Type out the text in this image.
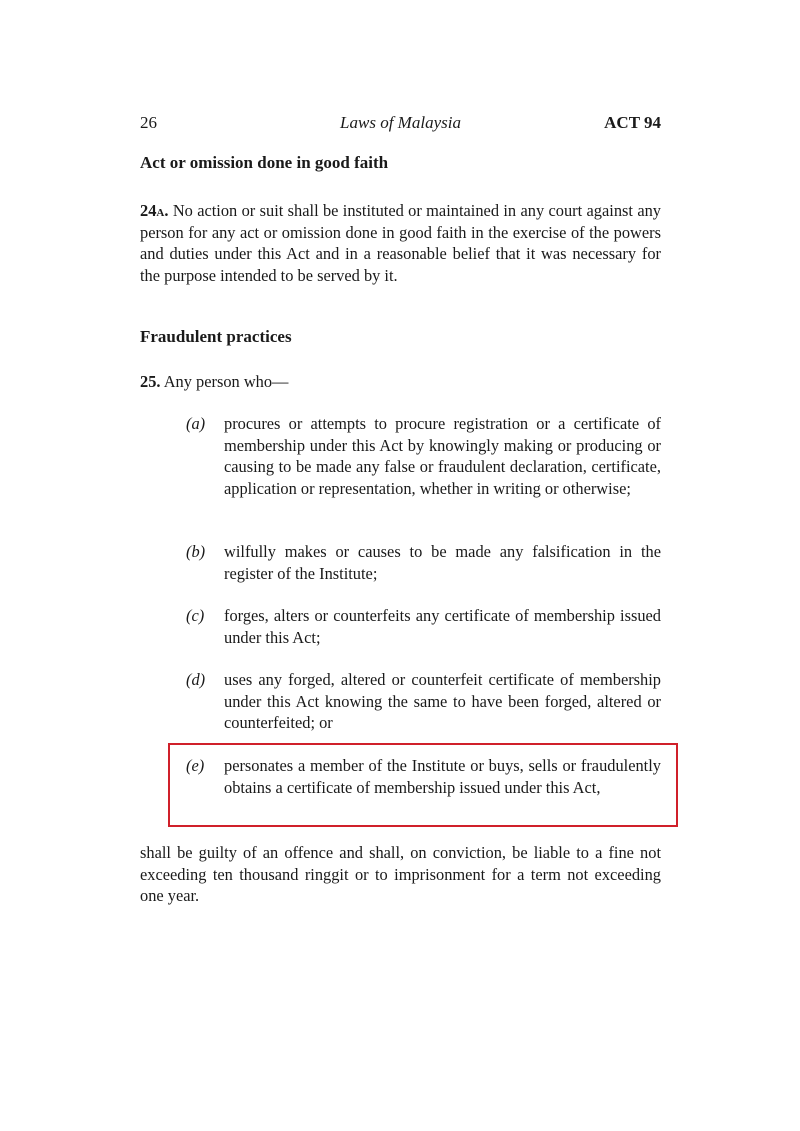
26	Laws of Malaysia	ACT 94
Act or omission done in good faith

24a. No action or suit shall be instituted or maintained in any court against any person for any act or omission done in good faith in the exercise of the powers and duties under this Act and in a reasonable belief that it was necessary for the purpose intended to be served by it.

Fraudulent practices

25. Any person who—

(a)	procures or attempts to procure registration or a certificate of membership under this Act by knowingly making or producing or causing to be made any false or fraudulent declaration, certificate, application or representation, whether in writing or otherwise;
(b)	wilfully makes or causes to be made any falsification in the register of the Institute;
(c)	forges, alters or counterfeits any certificate of membership issued under this Act;
(d)	uses any forged, altered or counterfeit certificate of membership under this Act knowing the same to have been forged, altered or counterfeited; or
(e)	personates a member of the Institute or buys, sells or fraudulently obtains a certificate of membership issued under this Act,

shall be guilty of an offence and shall, on conviction, be liable to a fine not exceeding ten thousand ringgit or to imprisonment for a term not exceeding one year.
